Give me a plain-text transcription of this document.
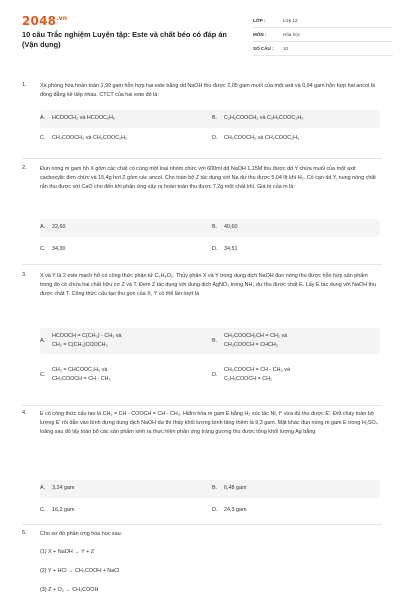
$2048^{.vn}$
10 câu Trắc nghiệm Luyện tập: Este và chất béo có đáp án (Vận dụng)
LỚP :	Lớp 12
MÔN :	Hóa học
SỐ CÂU :	10
1. Xà phòng hóa hoàn toàn 1,99 gam hỗn hợp hai este bằng dd NaOH thu được 2,05 gam muối của một axit và 0,94 gam hỗn hợp hai ancol là đồng đẳng kế tiếp nhau. CTCT của hai este đó là:
A. HCOOCH₃ và HCOOC₂H₅	B. C₂H₅COOCH₃ và C₂H₅COOC₂H₅
C. CH₃COOCH₃ và CH₃COOC₂H₅	D. CH₃COOCH₃ và CH₃COOC₂H₅
2. Đun nóng m gam hh X gồm các chất có cùng một loại nhóm chức với 600ml dd NaOH 1,15M thu được dd Y chứa muối của một axit cacboxylic đơn chức và 15,4g hơi Z gồm các ancol. Cho toàn bộ Z tác dụng với Na dư thu được 5,04 lít khí H₂. Cô cạn dd Y, nung nóng chất rắn thu được với CaO cho đến khi phản ứng xảy ra hoàn toàn thu được 7,2g một chất khí. Giá trị của m là:
A. 22,60	B. 40,60
C. 34,30	D. 34,51
3. X và Y là 2 este mạch hở có công thức phân tử C₅H₈O₂. Thủy phân X và Y trong dung dịch NaOH đun nóng thu được hỗn hợp sản phẩm trong đó có chứa hai chất hữu cơ Z và T. Đem Z tác dụng với dung dịch AgNO₃ trong NH₃ dư thu được chất E. Lấy E tác dụng với NaOH thu được chất T. Công thức cấu tạo thu gọn của X, Y có thể lần lượt là
A.
HCOOCH = C(CH₃) - CH₃ và
CH₂ = C(CH₃)COOCH₃
B.
CH₃COOCH₂CH = CH₂ và
CH₃COOCH = CHCH₃
C.
CH₂ = CHCOOC₂H₅ và
CH₃COOCH = CH - CH₃
D.
CH₃COOCH = CH - CH₃ và
C₂H₅COOCH = CH₂
4. E có công thức cấu tạo là CH₂ = CH - COOCH = CH - CH₃. Hiđro hóa m gam E bằng H₂ xúc tác Ni, t° vừa đủ thu được E'. Đốt cháy toàn bộ lượng E' rồi dẫn vào bình đựng dung dịch NaOH dư thì thấy khối lượng bình tăng thêm là 9,3 gam. Mặt khác đun nóng m gam E trong H₂SO₄ loãng sau đó lấy toàn bộ các sản phẩm sinh ra thực hiện phản ứng tráng gương thu được tổng khối lượng Ag bằng
A. 3,24 gam	B. 6,48 gam
C. 16,2 gam	D. 24,3 gam
5. Cho sơ đồ phản ứng hóa học sau:
(1) X + NaOH → Y + Z
(2) Y + HCl → CH₃COOH + NaCl
(3) Z + O₂ → CH₃COOH
